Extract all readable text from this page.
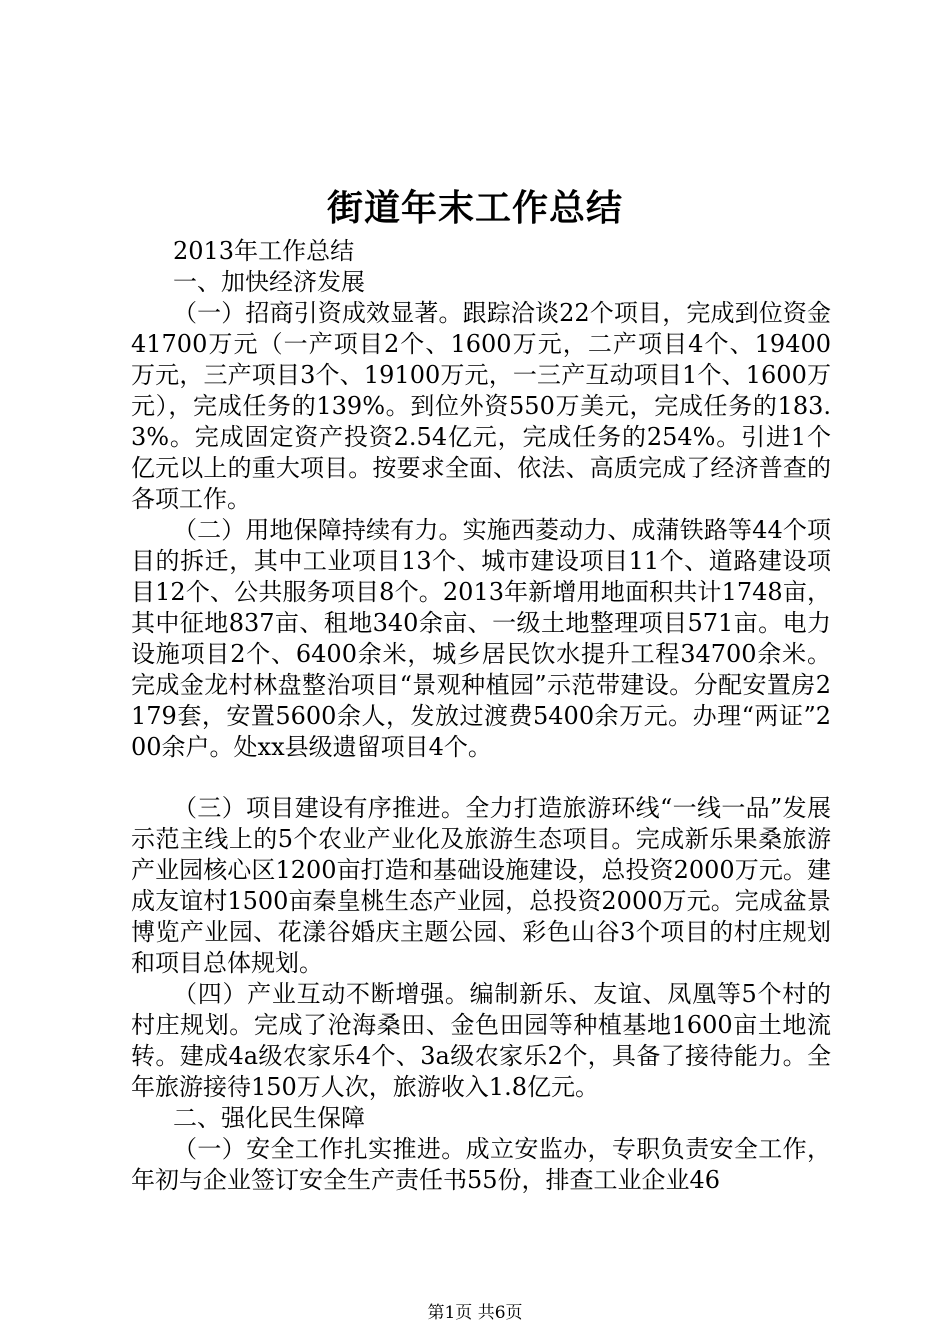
街道年末工作总结

2013年工作总结

一、加快经济发展

（一）招商引资成效显著。跟踪洽谈22个项目，完成到位资金41700万元（一产项目2个、1600万元，二产项目4个、19400万元，三产项目3个、19100万元，一三产互动项目1个、1600万元），完成任务的139%。到位外资550万美元，完成任务的183.3%。完成固定资产投资2.54亿元，完成任务的254%。引进1个亿元以上的重大项目。按要求全面、依法、高质完成了经济普查的各项工作。

（二）用地保障持续有力。实施西菱动力、成蒲铁路等44个项目的拆迁，其中工业项目13个、城市建设项目11个、道路建设项目12个、公共服务项目8个。2013年新增用地面积共计1748亩，其中征地837亩、租地340余亩、一级土地整理项目571亩。电力设施项目2个、6400余米，城乡居民饮水提升工程34700余米。完成金龙村林盘整治项目“景观种植园”示范带建设。分配安置房2179套，安置5600余人，发放过渡费5400余万元。办理“两证”200余户。处xx县级遗留项目4个。

（三）项目建设有序推进。全力打造旅游环线“一线一品”发展示范主线上的5个农业产业化及旅游生态项目。完成新乐果桑旅游产业园核心区1200亩打造和基础设施建设，总投资2000万元。建成友谊村1500亩秦皇桃生态产业园，总投资2000万元。完成盆景博览产业园、花漾谷婚庆主题公园、彩色山谷3个项目的村庄规划和项目总体规划。

（四）产业互动不断增强。编制新乐、友谊、凤凰等5个村的村庄规划。完成了沧海桑田、金色田园等种植基地1600亩土地流转。建成4a级农家乐4个、3a级农家乐2个，具备了接待能力。全年旅游接待150万人次，旅游收入1.8亿元。

二、强化民生保障

（一）安全工作扎实推进。成立安监办，专职负责安全工作，年初与企业签订安全生产责任书55份，排查工业企业46

第1页 共6页
